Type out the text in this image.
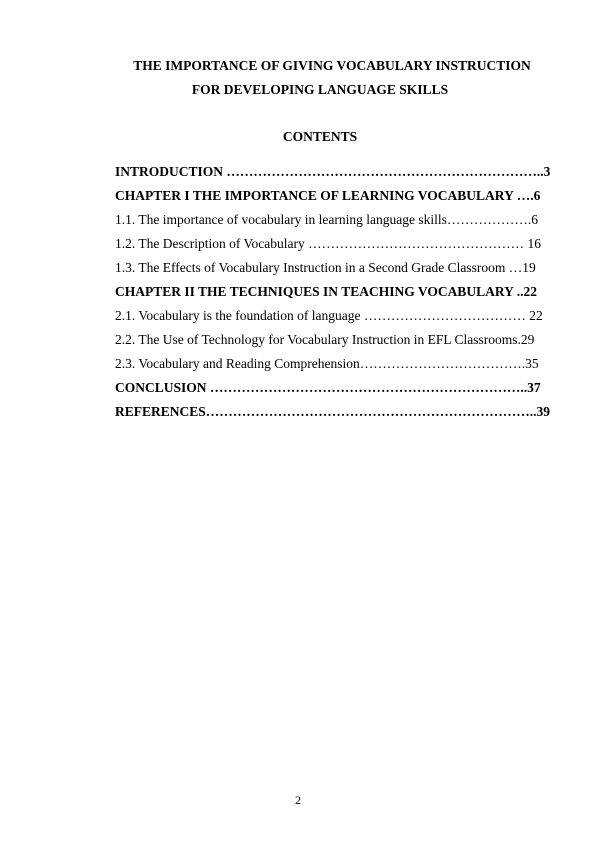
THE IMPORTANCE OF GIVING VOCABULARY INSTRUCTION

FOR DEVELOPING LANGUAGE SKILLS

CONTENTS

INTRODUCTION ……………………………………………………………..3

CHAPTER I THE IMPORTANCE OF LEARNING VOCABULARY ….6

1.1. The importance of vocabulary in learning language skills……………….6

1.2. The Description of Vocabulary ………………………………………… 16

1.3. The Effects of Vocabulary Instruction in a Second Grade Classroom …19

CHAPTER II THE TECHNIQUES IN TEACHING VOCABULARY ..22

2.1. Vocabulary is the foundation of language ……………………………… 22

2.2. The Use of Technology for Vocabulary Instruction in EFL Classrooms.29

2.3. Vocabulary and Reading Comprehension……………………………….35

CONCLUSION ……………………………………………………………..37

REFERENCES………………………………………………………………..39

2
